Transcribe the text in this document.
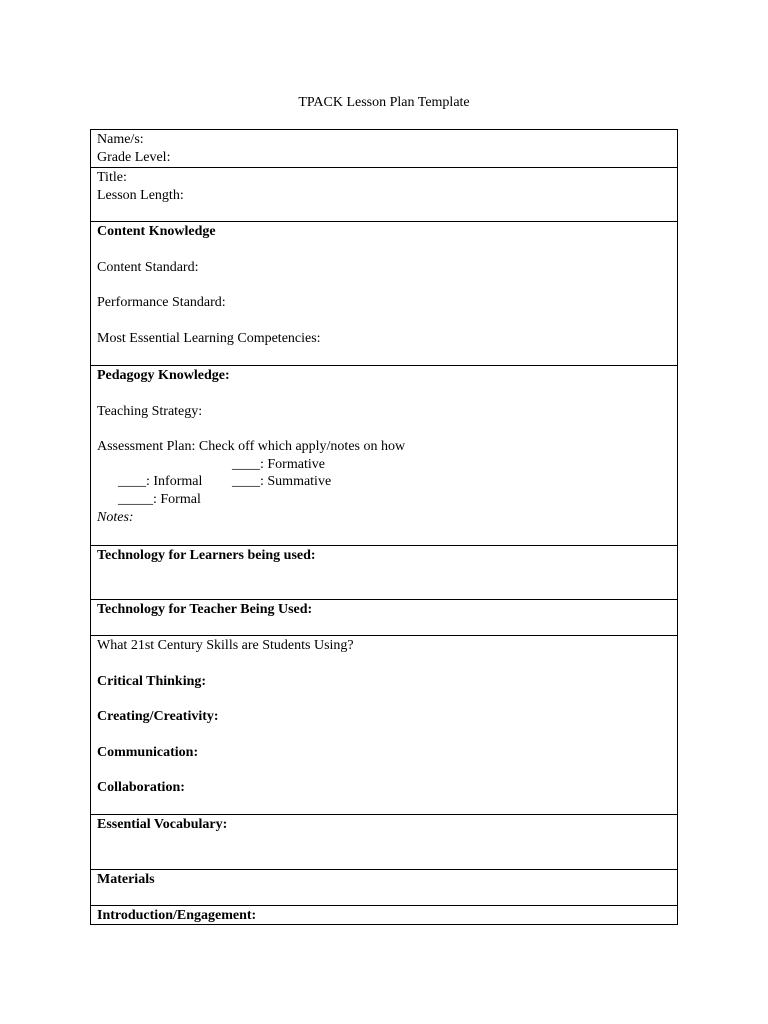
TPACK Lesson Plan Template
Name/s:
Grade Level:
Title:
Lesson Length:
Content Knowledge
Content Standard:
Performance Standard:
Most Essential Learning Competencies:
Pedagogy Knowledge:
Teaching Strategy:
Assessment Plan: Check off which apply/notes on how

____: Informal

____: Formative

_____: Formal

____: Summative

Notes:
Technology for Learners being used:
Technology for Teacher Being Used:
What 21st Century Skills are Students Using?
Critical Thinking:
Creating/Creativity:
Communication:
Collaboration:
Essential Vocabulary:
Materials
Introduction/Engagement:
